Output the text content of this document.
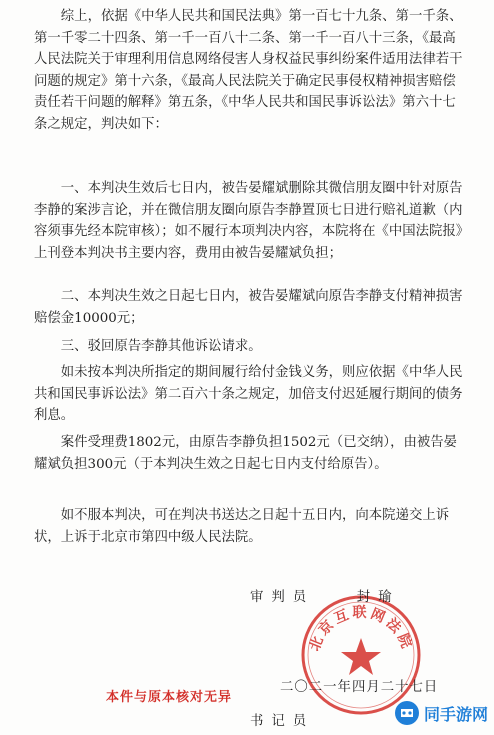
综上，依据《中华人民共和国民法典》第一百七十九条、第一千条、第一千零二十四条、第一千一百八十二条、第一千一百八十三条，《最高人民法院关于审理利用信息网络侵害人身权益民事纠纷案件适用法律若干问题的规定》第十六条，《最高人民法院关于确定民事侵权精神损害赔偿责任若干问题的解释》第五条，《中华人民共和国民事诉讼法》第六十七条之规定，判决如下：

一、本判决生效后七日内，被告晏耀斌删除其微信朋友圈中针对原告李静的案涉言论，并在微信朋友圈向原告李静置顶七日进行赔礼道歉（内容须事先经本院审核）；如不履行本项判决内容，本院将在《中国法院报》上刊登本判决书主要内容，费用由被告晏耀斌负担；

二、本判决生效之日起七日内，被告晏耀斌向原告李静支付精神损害赔偿金10000元；

三、驳回原告李静其他诉讼请求。

如未按本判决所指定的期间履行给付金钱义务，则应依据《中华人民共和国民事诉讼法》第二百六十条之规定，加倍支付迟延履行期间的债务利息。

案件受理费1802元，由原告李静负担1502元（已交纳），由被告晏耀斌负担300元（于本判决生效之日起七日内支付给原告）。

如不服本判决，可在判决书送达之日起十五日内，向本院递交上诉状，上诉于北京市第四中级人民法院。

北京互联网法院
审判员	封瑜
二〇二一年四月二十七日
本件与原本核对无异
书记员	同手游网
